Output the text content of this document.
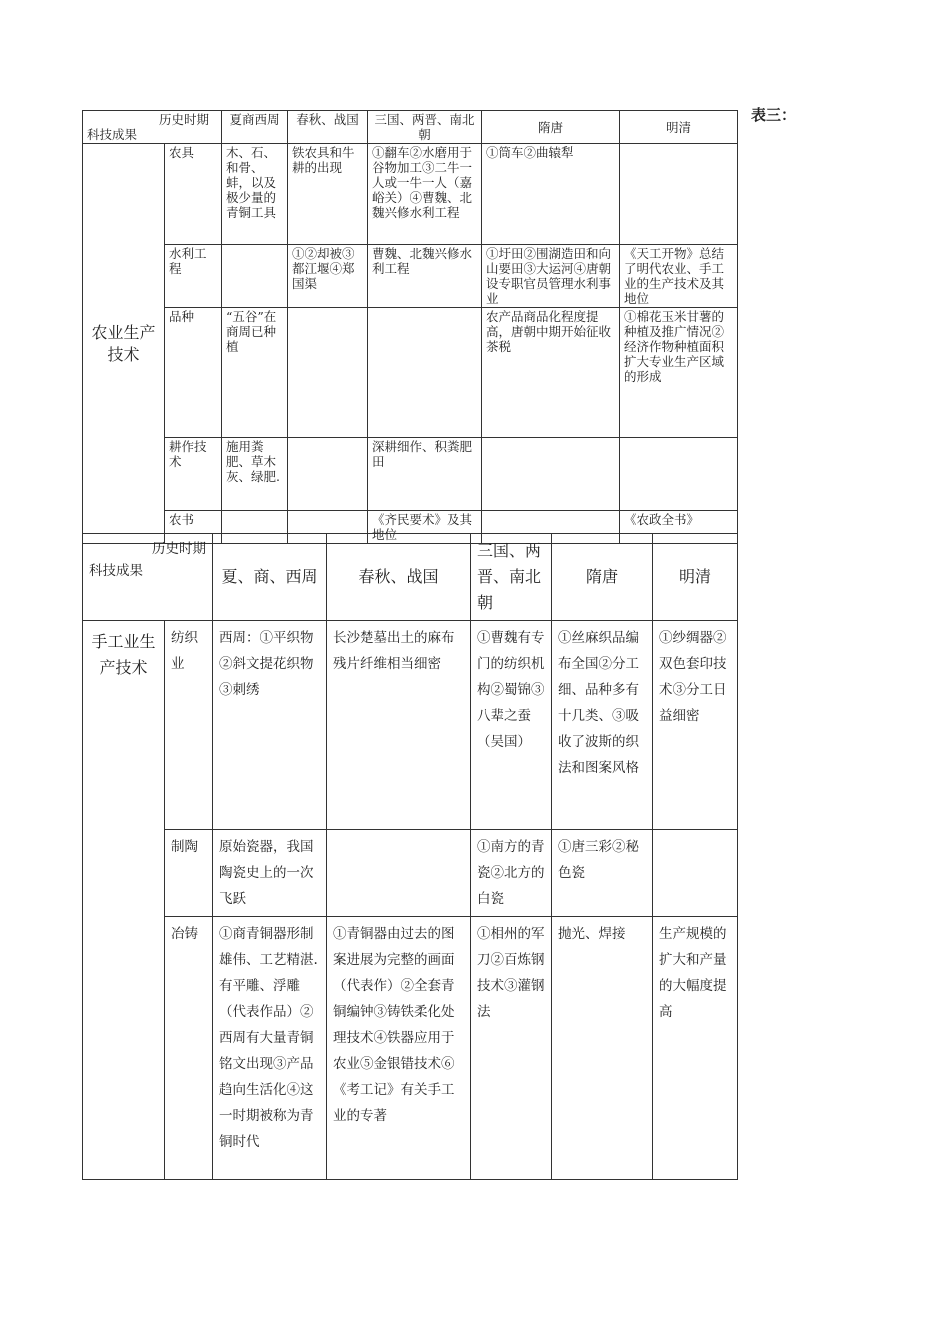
表三：
历史时期
科技成果		夏商西周	春秋、战国	三国、两晋、南北朝	隋唐	明清
农业生产技术	农具	木、石、和骨、蚌，以及极少量的青铜工具	铁农具和牛耕的出现	①翻车②水磨用于谷物加工③二牛一人或一牛一人（嘉峪关）④曹魏、北魏兴修水利工程	①筒车②曲辕犁	
	水利工程		①②却被③都江堰④郑国渠	曹魏、北魏兴修水利工程	①圩田②围湖造田和向山要田③大运河④唐朝设专职官员管理水利事业	《天工开物》总结了明代农业、手工业的生产技术及其地位
	品种	“五谷”在商周已种植			农产品商品化程度提高，唐朝中期开始征收茶税	①棉花玉米甘薯的种植及推广情况②经济作物种植面积扩大专业生产区域的形成
	耕作技术	施用粪肥、草木灰、绿肥.		深耕细作、积粪肥田		
	农书			《齐民要术》及其地位		《农政全书》
历史时期
科技成果		夏、商、西周	春秋、战国	三国、两晋、南北朝	隋唐	明清
手工业生产技术	纺织业	西周：①平织物②斜文提花织物③刺绣	长沙楚墓出土的麻布残片纤维相当细密	①曹魏有专门的纺织机构②蜀锦③八辈之蚕（吴国）	①丝麻织品编布全国②分工细、品种多有十几类、③吸收了波斯的织法和图案风格	①纱绸器②双色套印技术③分工日益细密
	制陶	原始瓷器，我国陶瓷史上的一次飞跃		①南方的青瓷②北方的白瓷	①唐三彩②秘色瓷	
	冶铸	①商青铜器形制雄伟、工艺精湛.有平雕、浮雕（代表作品）②西周有大量青铜铭文出现③产品趋向生活化④这一时期被称为青铜时代	①青铜器由过去的图案进展为完整的画面（代表作）②全套青铜编钟③铸铁柔化处理技术④铁器应用于农业⑤金银错技术⑥《考工记》有关手工业的专著	①相州的军刀②百炼钢技术③灌钢法	抛光、焊接	生产规模的扩大和产量的大幅度提高
